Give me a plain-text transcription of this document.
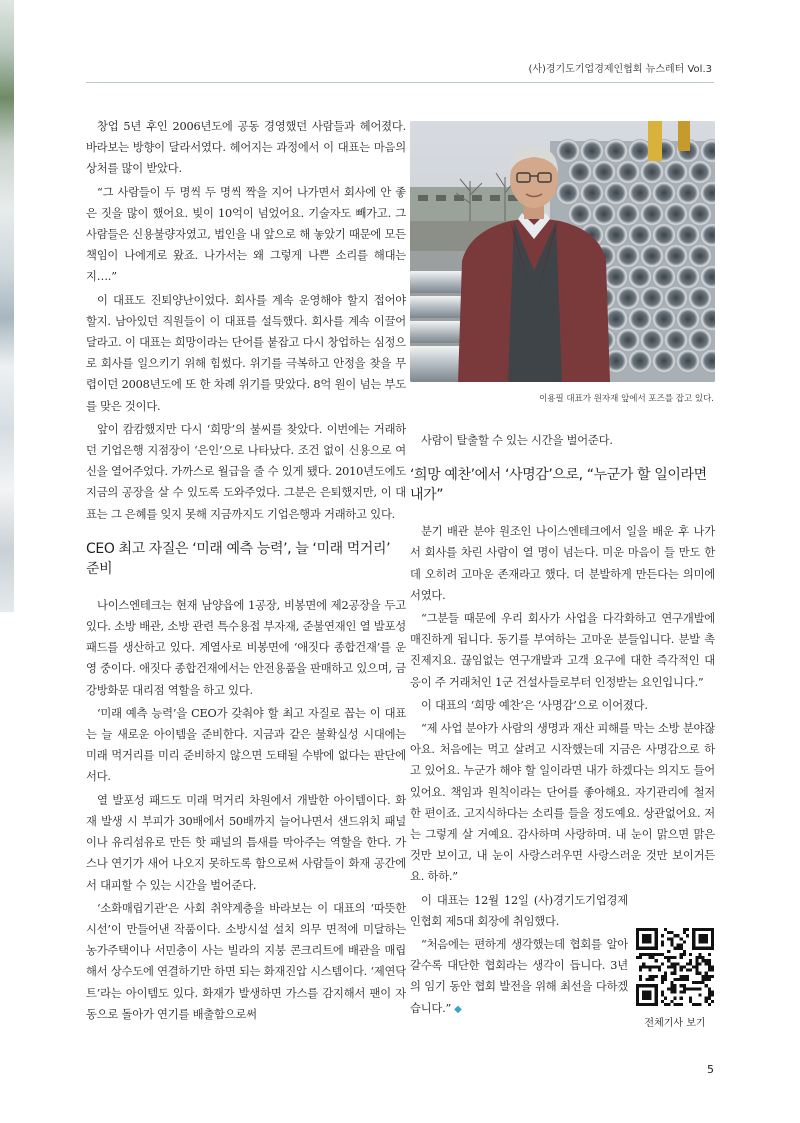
(사)경기도기업경제인협회 뉴스레터 Vol.3

창업 5년 후인 2006년도에 공동 경영했던 사람들과 헤어졌다. 바라보는 방향이 달라서였다. 헤어지는 과정에서 이 대표는 마음의 상처를 많이 받았다.

“그 사람들이 두 명씩 두 명씩 짝을 지어 나가면서 회사에 안 좋은 짓을 많이 했어요. 빚이 10억이 넘었어요. 기술자도 빼가고. 그 사람들은 신용불량자였고, 법인을 내 앞으로 해 놓았기 때문에 모든 책임이 나에게로 왔죠. 나가서는 왜 그렇게 나쁜 소리를 해대는지….”

이 대표도 진퇴양난이었다. 회사를 계속 운영해야 할지 접어야 할지. 남아있던 직원들이 이 대표를 설득했다. 회사를 계속 이끌어달라고. 이 대표는 희망이라는 단어를 붙잡고 다시 창업하는 심정으로 회사를 일으키기 위해 힘썼다. 위기를 극복하고 안정을 찾을 무렵이던 2008년도에 또 한 차례 위기를 맞았다. 8억 원이 넘는 부도를 맞은 것이다.

앞이 캄캄했지만 다시 ‘희망’의 불씨를 찾았다. 이번에는 거래하던 기업은행 지점장이 ‘은인’으로 나타났다. 조건 없이 신용으로 여신을 열어주었다. 가까스로 월급을 줄 수 있게 됐다. 2010년도에도 지금의 공장을 살 수 있도록 도와주었다. 그분은 은퇴했지만, 이 대표는 그 은혜를 잊지 못해 지금까지도 기업은행과 거래하고 있다.

CEO 최고 자질은 ‘미래 예측 능력’, 늘 ‘미래 먹거리’ 준비

나이스엔테크는 현재 남양읍에 1공장, 비봉면에 제2공장을 두고 있다. 소방 배관, 소방 관련 특수용접 부자재, 준불연재인 열 발포성 패드를 생산하고 있다. 계열사로 비봉면에 ‘애짓다 종합건재’를 운영 중이다. 애짓다 종합건재에서는 안전용품을 판매하고 있으며, 금강방화문 대리점 역할을 하고 있다.

‘미래 예측 능력’을 CEO가 갖춰야 할 최고 자질로 꼽는 이 대표는 늘 새로운 아이템을 준비한다. 지금과 같은 불확실성 시대에는 미래 먹거리를 미리 준비하지 않으면 도태될 수밖에 없다는 판단에서다.

열 발포성 패드도 미래 먹거리 차원에서 개발한 아이템이다. 화재 발생 시 부피가 30배에서 50배까지 늘어나면서 샌드위치 패널이나 유리섬유로 만든 핫 패널의 틈새를 막아주는 역할을 한다. 가스나 연기가 새어 나오지 못하도록 함으로써 사람들이 화재 공간에서 대피할 수 있는 시간을 벌어준다.

‘소화매립기관’은 사회 취약계층을 바라보는 이 대표의 ‘따뜻한 시선’이 만들어낸 작품이다. 소방시설 설치 의무 면적에 미달하는 농가주택이나 서민층이 사는 빌라의 지붕 콘크리트에 배관을 매립해서 상수도에 연결하기만 하면 되는 화재진압 시스템이다. ‘제연닥트’라는 아이템도 있다. 화재가 발생하면 가스를 감지해서 팬이 자동으로 돌아가 연기를 배출함으로써

이용필 대표가 원자재 앞에서 포즈를 잡고 있다.

사람이 탈출할 수 있는 시간을 벌어준다.

‘희망 예찬’에서 ‘사명감’으로, “누군가 할 일이라면 내가”

분기 배관 분야 원조인 나이스엔테크에서 일을 배운 후 나가서 회사를 차린 사람이 열 명이 넘는다. 미운 마음이 들 만도 한데 오히려 고마운 존재라고 했다. 더 분발하게 만든다는 의미에서였다.

“그분들 때문에 우리 회사가 사업을 다각화하고 연구개발에 매진하게 됩니다. 동기를 부여하는 고마운 분들입니다. 분발 촉진제지요. 끊임없는 연구개발과 고객 요구에 대한 즉각적인 대응이 주 거래처인 1군 건설사들로부터 인정받는 요인입니다.”

이 대표의 ‘희망 예찬’은 ‘사명감’으로 이어졌다.

“제 사업 분야가 사람의 생명과 재산 피해를 막는 소방 분야잖아요. 처음에는 먹고 살려고 시작했는데 지금은 사명감으로 하고 있어요. 누군가 해야 할 일이라면 내가 하겠다는 의지도 들어 있어요. 책임과 원칙이라는 단어를 좋아해요. 자기관리에 철저한 편이죠. 고지식하다는 소리를 들을 정도예요. 상관없어요. 저는 그렇게 살 거예요. 감사하며 사랑하며. 내 눈이 맑으면 맑은 것만 보이고, 내 눈이 사랑스러우면 사랑스러운 것만 보이거든요. 하하.”

이 대표는 12월 12일 (사)경기도기업경제인협회 제5대 회장에 취임했다.

“처음에는 편하게 생각했는데 협회를 알아갈수록 대단한 협회라는 생각이 듭니다. 3년의 임기 동안 협회 발전을 위해 최선을 다하겠습니다.” ◆

전체기사 보기
5
